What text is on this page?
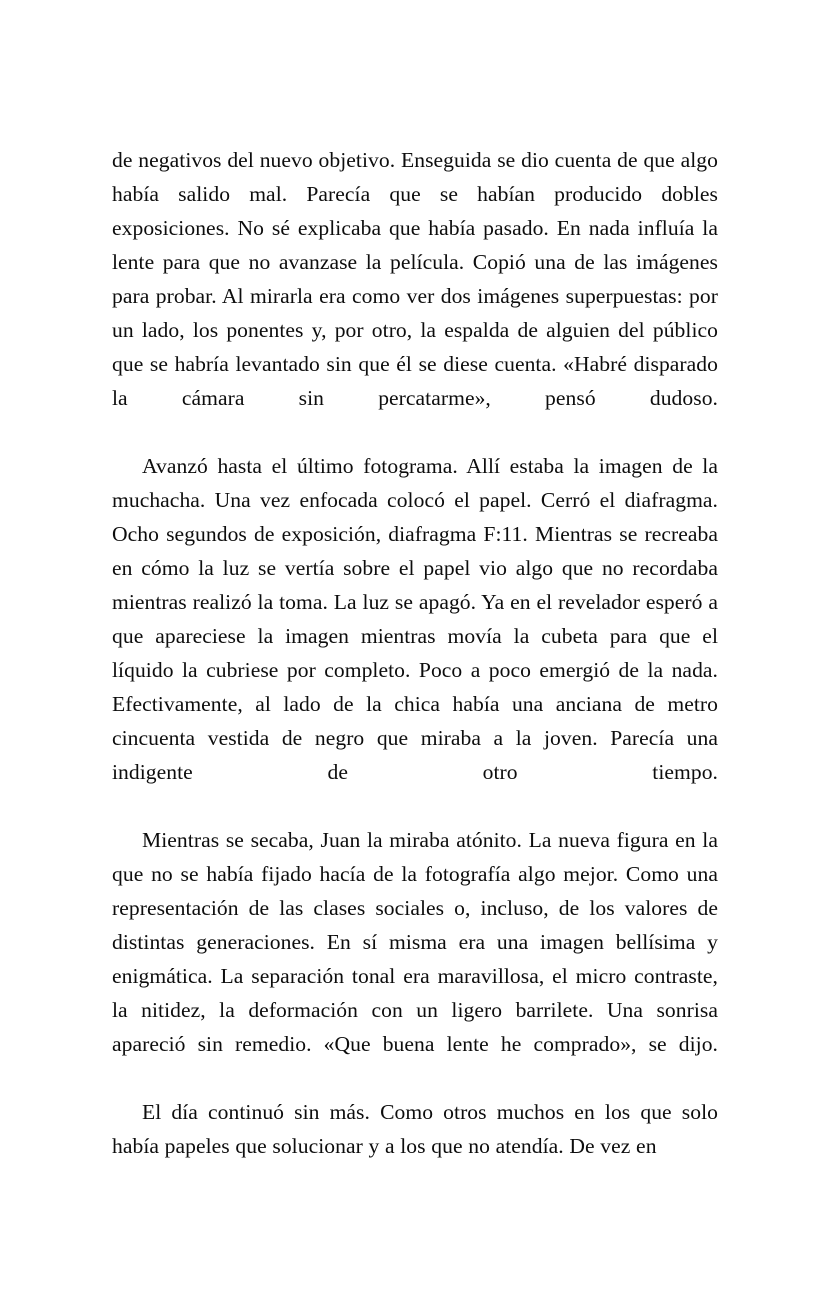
de negativos del nuevo objetivo. Enseguida se dio cuenta de que algo había salido mal. Parecía que se habían producido dobles exposiciones. No sé explicaba que había pasado. En nada influía la lente para que no avanzase la película. Copió una de las imágenes para probar. Al mirarla era como ver dos imágenes superpuestas: por un lado, los ponentes y, por otro, la espalda de alguien del público que se habría levantado sin que él se diese cuenta. «Habré disparado la cámara sin percatarme», pensó dudoso.

Avanzó hasta el último fotograma. Allí estaba la imagen de la muchacha. Una vez enfocada colocó el papel. Cerró el diafragma. Ocho segundos de exposición, diafragma F:11. Mientras se recreaba en cómo la luz se vertía sobre el papel vio algo que no recordaba mientras realizó la toma. La luz se apagó. Ya en el revelador esperó a que apareciese la imagen mientras movía la cubeta para que el líquido la cubriese por completo. Poco a poco emergió de la nada. Efectivamente, al lado de la chica había una anciana de metro cincuenta vestida de negro que miraba a la joven. Parecía una indigente de otro tiempo.

Mientras se secaba, Juan la miraba atónito. La nueva figura en la que no se había fijado hacía de la fotografía algo mejor. Como una representación de las clases sociales o, incluso, de los valores de distintas generaciones. En sí misma era una imagen bellísima y enigmática. La separación tonal era maravillosa, el micro contraste, la nitidez, la deformación con un ligero barrilete. Una sonrisa apareció sin remedio. «Que buena lente he comprado», se dijo.

El día continuó sin más. Como otros muchos en los que solo había papeles que solucionar y a los que no atendía. De vez en
